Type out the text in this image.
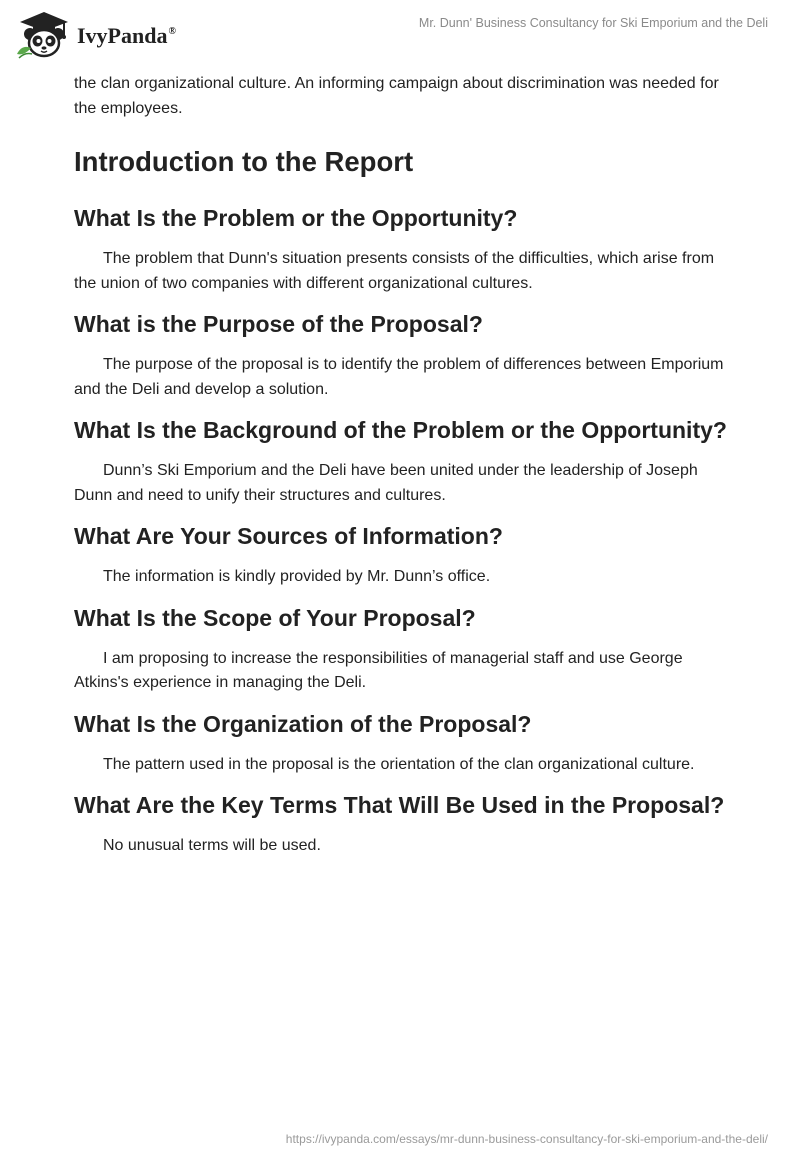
IvyPanda®
Mr. Dunn' Business Consultancy for Ski Emporium and the Deli

the clan organizational culture. An informing campaign about discrimination was needed for the employees.

Introduction to the Report
What Is the Problem or the Opportunity?

The problem that Dunn's situation presents consists of the difficulties, which arise from the union of two companies with different organizational cultures.

What is the Purpose of the Proposal?

The purpose of the proposal is to identify the problem of differences between Emporium and the Deli and develop a solution.

What Is the Background of the Problem or the Opportunity?

Dunn’s Ski Emporium and the Deli have been united under the leadership of Joseph Dunn and need to unify their structures and cultures.

What Are Your Sources of Information?

The information is kindly provided by Mr. Dunn’s office.

What Is the Scope of Your Proposal?

I am proposing to increase the responsibilities of managerial staff and use George Atkins's experience in managing the Deli.

What Is the Organization of the Proposal?

The pattern used in the proposal is the orientation of the clan organizational culture.

What Are the Key Terms That Will Be Used in the Proposal?

No unusual terms will be used.

https://ivypanda.com/essays/mr-dunn-business-consultancy-for-ski-emporium-and-the-deli/
